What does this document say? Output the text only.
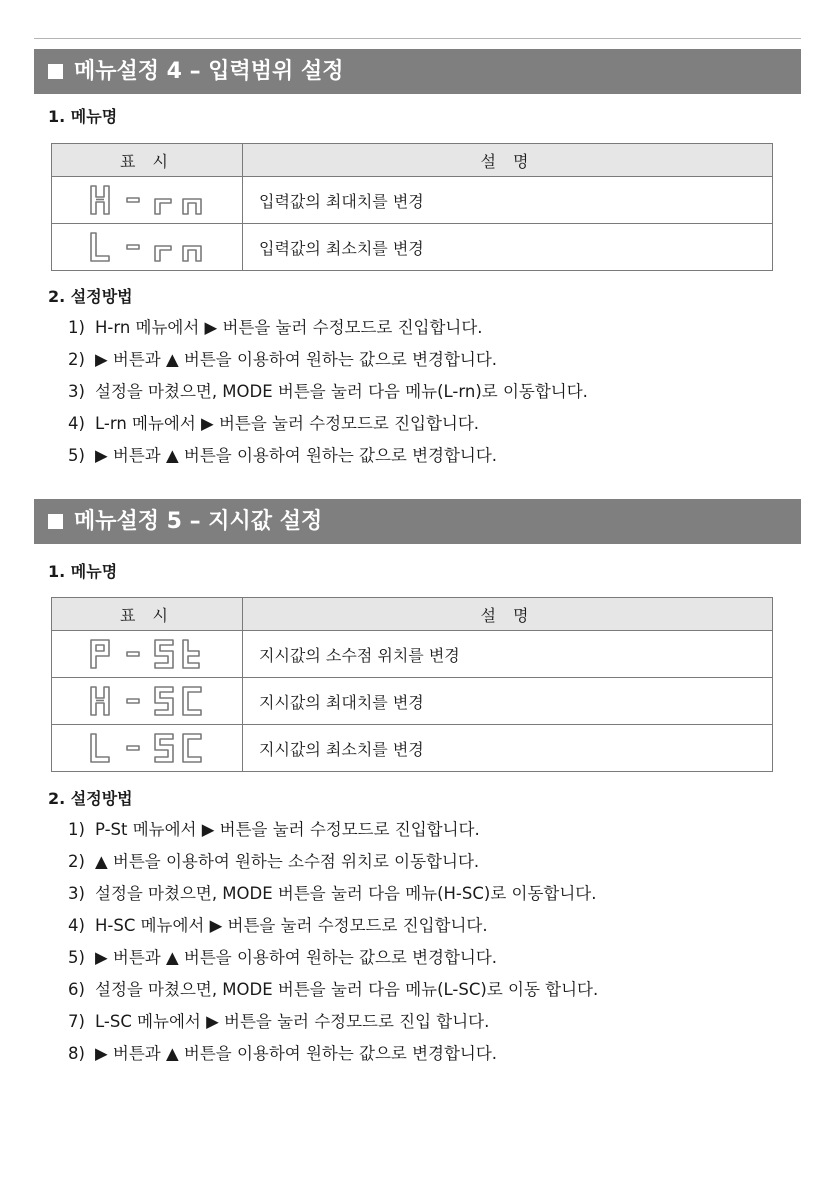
메뉴설정 4 – 입력범위 설정
1. 메뉴명
표 시	설 명
	입력값의 최대치를 변경
	입력값의 최소치를 변경
2. 설정방법
1) H-rn 메뉴에서 ▶ 버튼을 눌러 수정모드로 진입합니다.
2) ▶ 버튼과 ▲ 버튼을 이용하여 원하는 값으로 변경합니다.
3) 설정을 마쳤으면, MODE 버튼을 눌러 다음 메뉴(L-rn)로 이동합니다.
4) L-rn 메뉴에서 ▶ 버튼을 눌러 수정모드로 진입합니다.
5) ▶ 버튼과 ▲ 버튼을 이용하여 원하는 값으로 변경합니다.
메뉴설정 5 – 지시값 설정
1. 메뉴명
표 시	설 명
	지시값의 소수점 위치를 변경
	지시값의 최대치를 변경
	지시값의 최소치를 변경
2. 설정방법
1) P-St 메뉴에서 ▶ 버튼을 눌러 수정모드로 진입합니다.
2) ▲ 버튼을 이용하여 원하는 소수점 위치로 이동합니다.
3) 설정을 마쳤으면, MODE 버튼을 눌러 다음 메뉴(H-SC)로 이동합니다.
4) H-SC 메뉴에서 ▶ 버튼을 눌러 수정모드로 진입합니다.
5) ▶ 버튼과 ▲ 버튼을 이용하여 원하는 값으로 변경합니다.
6) 설정을 마쳤으면, MODE 버튼을 눌러 다음 메뉴(L-SC)로 이동 합니다.
7) L-SC 메뉴에서 ▶ 버튼을 눌러 수정모드로 진입 합니다.
8) ▶ 버튼과 ▲ 버튼을 이용하여 원하는 값으로 변경합니다.
